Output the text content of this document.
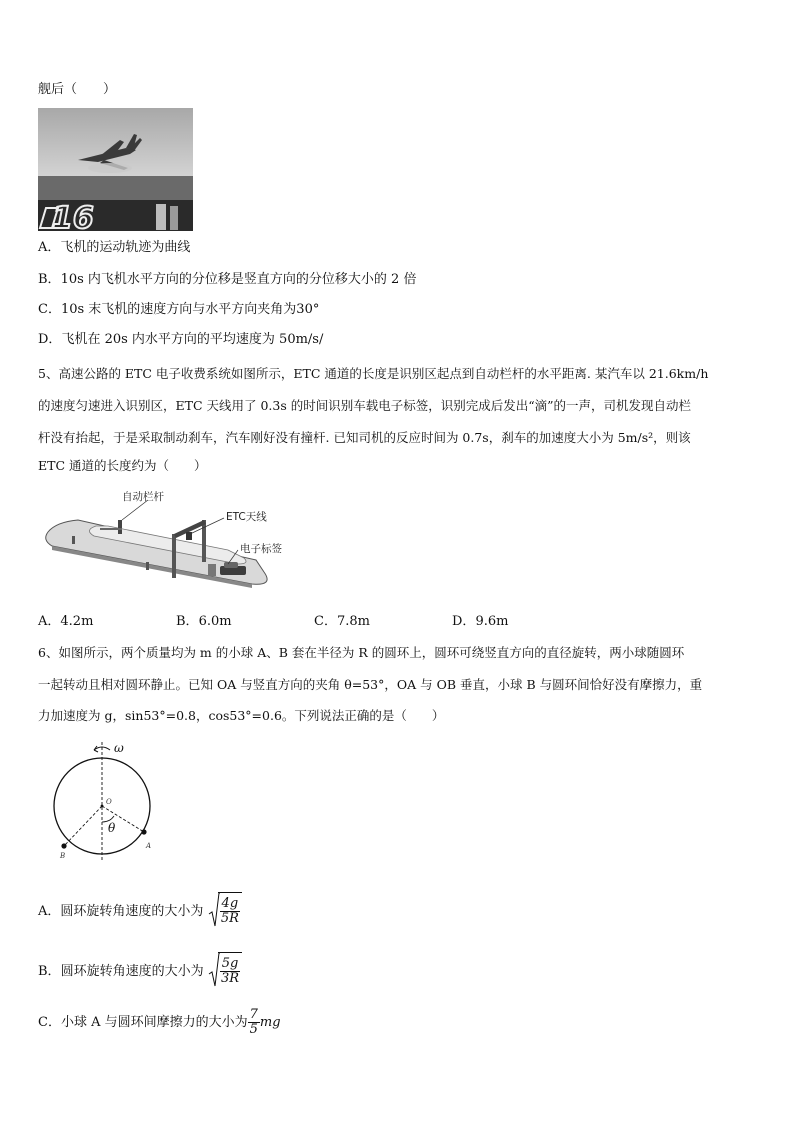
舰后（　　）
16
A．飞机的运动轨迹为曲线
B．10s 内飞机水平方向的分位移是竖直方向的分位移大小的 2 倍
C．10s 末飞机的速度方向与水平方向夹角为30°
D．飞机在 20s 内水平方向的平均速度为 50m/s/
5、高速公路的 ETC 电子收费系统如图所示，ETC 通道的长度是识别区起点到自动栏杆的水平距离. 某汽车以 21.6km/h
的速度匀速进入识别区，ETC 天线用了 0.3s 的时间识别车载电子标签，识别完成后发出“滴”的一声，司机发现自动栏
杆没有抬起，于是采取制动刹车，汽车刚好没有撞杆. 已知司机的反应时间为 0.7s，刹车的加速度大小为 5m/s²，则该
ETC 通道的长度约为（　　）
自动栏杆
ETC天线
电子标签
A．4.2m	B．6.0m	C．7.8m	D．9.6m
6、如图所示，两个质量均为 m 的小球 A、B 套在半径为 R 的圆环上，圆环可绕竖直方向的直径旋转，两小球随圆环
一起转动且相对圆环静止。已知 OA 与竖直方向的夹角 θ=53°，OA 与 OB 垂直，小球 B 与圆环间恰好没有摩擦力，重
力加速度为 g，sin53°=0.8，cos53°=0.6。下列说法正确的是（　　）
ω
O
θ
A
B
A．圆环旋转角速度的大小为 $\frac{4g}{5R}$
B．圆环旋转角速度的大小为 $\frac{5g}{3R}$
C．小球 A 与圆环间摩擦力的大小为 $\frac{7}{5}$ mg
